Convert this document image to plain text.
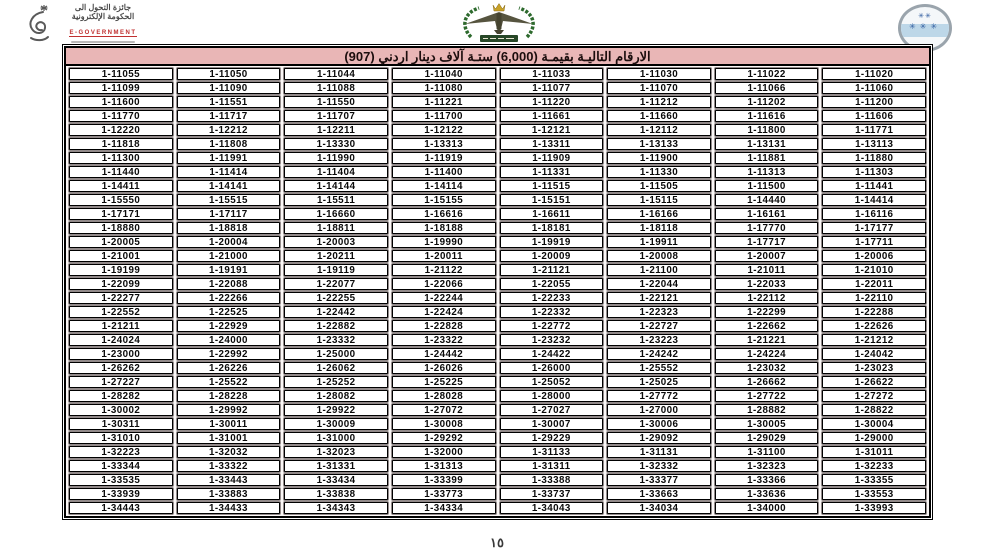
جائزة التحول الى
الحكومة الإلكترونية
E-GOVERNMENT
✳✳
✳✳✳
الارقام التاليـة بقيمـة (6,000) ستـة آلاف دينار اردني (907)
1-11055	1-11050	1-11044	1-11040	1-11033	1-11030	1-11022	1-11020
1-11099	1-11090	1-11088	1-11080	1-11077	1-11070	1-11066	1-11060
1-11600	1-11551	1-11550	1-11221	1-11220	1-11212	1-11202	1-11200
1-11770	1-11717	1-11707	1-11700	1-11661	1-11660	1-11616	1-11606
1-12220	1-12212	1-12211	1-12122	1-12121	1-12112	1-11800	1-11771
1-11818	1-11808	1-13330	1-13313	1-13311	1-13133	1-13131	1-13113
1-11300	1-11991	1-11990	1-11919	1-11909	1-11900	1-11881	1-11880
1-11440	1-11414	1-11404	1-11400	1-11331	1-11330	1-11313	1-11303
1-14411	1-14141	1-14144	1-14114	1-11515	1-11505	1-11500	1-11441
1-15550	1-15515	1-15511	1-15155	1-15151	1-15115	1-14440	1-14414
1-17171	1-17117	1-16660	1-16616	1-16611	1-16166	1-16161	1-16116
1-18880	1-18818	1-18811	1-18188	1-18181	1-18118	1-17770	1-17177
1-20005	1-20004	1-20003	1-19990	1-19919	1-19911	1-17717	1-17711
1-21001	1-21000	1-20211	1-20011	1-20009	1-20008	1-20007	1-20006
1-19199	1-19191	1-19119	1-21122	1-21121	1-21100	1-21011	1-21010
1-22099	1-22088	1-22077	1-22066	1-22055	1-22044	1-22033	1-22011
1-22277	1-22266	1-22255	1-22244	1-22233	1-22121	1-22112	1-22110
1-22552	1-22525	1-22442	1-22424	1-22332	1-22323	1-22299	1-22288
1-21211	1-22929	1-22882	1-22828	1-22772	1-22727	1-22662	1-22626
1-24024	1-24000	1-23332	1-23322	1-23232	1-23223	1-21221	1-21212
1-23000	1-22992	1-25000	1-24442	1-24422	1-24242	1-24224	1-24042
1-26262	1-26226	1-26062	1-26026	1-26000	1-25552	1-23032	1-23023
1-27227	1-25522	1-25252	1-25225	1-25052	1-25025	1-26662	1-26622
1-28282	1-28228	1-28082	1-28028	1-28000	1-27772	1-27722	1-27272
1-30002	1-29992	1-29922	1-27072	1-27027	1-27000	1-28882	1-28822
1-30311	1-30011	1-30009	1-30008	1-30007	1-30006	1-30005	1-30004
1-31010	1-31001	1-31000	1-29292	1-29229	1-29092	1-29029	1-29000
1-32223	1-32032	1-32023	1-32000	1-31133	1-31131	1-31100	1-31011
1-33344	1-33322	1-31331	1-31313	1-31311	1-32332	1-32323	1-32233
1-33535	1-33443	1-33434	1-33399	1-33388	1-33377	1-33366	1-33355
1-33939	1-33883	1-33838	1-33773	1-33737	1-33663	1-33636	1-33553
1-34443	1-34433	1-34343	1-34334	1-34043	1-34034	1-34000	1-33993
١٥
